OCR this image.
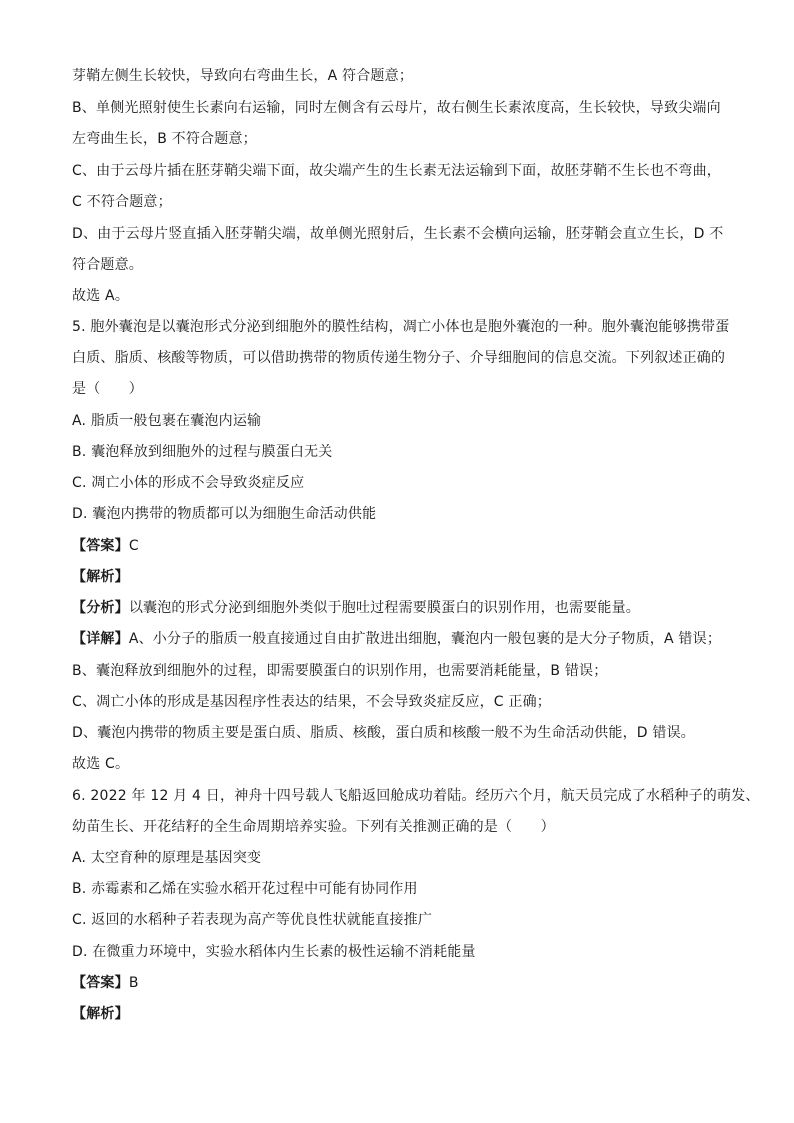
芽鞘左侧生长较快，导致向右弯曲生长，A 符合题意；
B、单侧光照射使生长素向右运输，同时左侧含有云母片，故右侧生长素浓度高，生长较快，导致尖端向
左弯曲生长，B 不符合题意；
C、由于云母片插在胚芽鞘尖端下面，故尖端产生的生长素无法运输到下面，故胚芽鞘不生长也不弯曲，
C 不符合题意；
D、由于云母片竖直插入胚芽鞘尖端，故单侧光照射后，生长素不会横向运输，胚芽鞘会直立生长，D 不
符合题意。
故选 A。
5. 胞外囊泡是以囊泡形式分泌到细胞外的膜性结构，凋亡小体也是胞外囊泡的一种。胞外囊泡能够携带蛋
白质、脂质、核酸等物质，可以借助携带的物质传递生物分子、介导细胞间的信息交流。下列叙述正确的
是（　　）
A. 脂质一般包裹在囊泡内运输
B. 囊泡释放到细胞外的过程与膜蛋白无关
C. 凋亡小体的形成不会导致炎症反应
D. 囊泡内携带的物质都可以为细胞生命活动供能
【答案】C
【解析】
【分析】以囊泡的形式分泌到细胞外类似于胞吐过程需要膜蛋白的识别作用，也需要能量。
【详解】A、小分子的脂质一般直接通过自由扩散进出细胞，囊泡内一般包裹的是大分子物质，A 错误；
B、囊泡释放到细胞外的过程，即需要膜蛋白的识别作用，也需要消耗能量，B 错误；
C、凋亡小体的形成是基因程序性表达的结果，不会导致炎症反应，C 正确；
D、囊泡内携带的物质主要是蛋白质、脂质、核酸，蛋白质和核酸一般不为生命活动供能，D 错误。
故选 C。
6. 2022 年 12 月 4 日，神舟十四号载人飞船返回舱成功着陆。经历六个月，航天员完成了水稻种子的萌发、
幼苗生长、开花结籽的全生命周期培养实验。下列有关推测正确的是（　　）
A. 太空育种的原理是基因突变
B. 赤霉素和乙烯在实验水稻开花过程中可能有协同作用
C. 返回的水稻种子若表现为高产等优良性状就能直接推广
D. 在微重力环境中，实验水稻体内生长素的极性运输不消耗能量
【答案】B
【解析】
